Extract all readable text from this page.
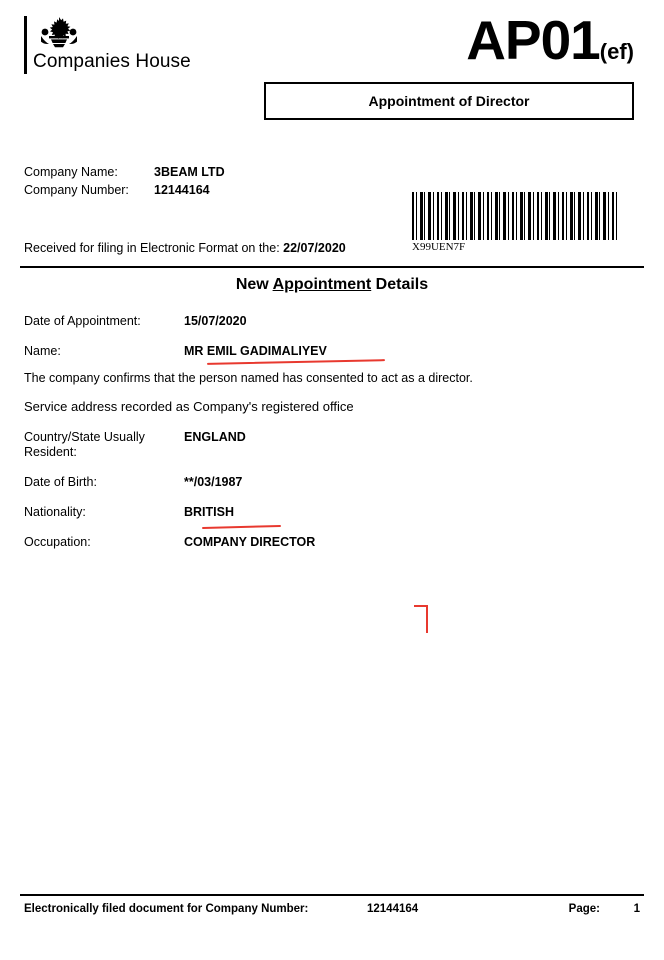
Companies House	AP01(ef)
Appointment of Director
Company Name:	3BEAM LTD
Company Number:	12144164
Received for filing in Electronic Format on the: 22/07/2020	X99UEN7F
New Appointment Details
Date of Appointment:	15/07/2020
Name:	MR EMIL GADIMALIYEV
The company confirms that the person named has consented to act as a director.
Service address recorded as Company's registered office
Country/State Usually Resident:
ENGLAND
Date of Birth:	**/03/1987
Nationality:	BRITISH
Occupation:	COMPANY DIRECTOR
Electronically filed document for Company Number:	12144164	Page:	1
